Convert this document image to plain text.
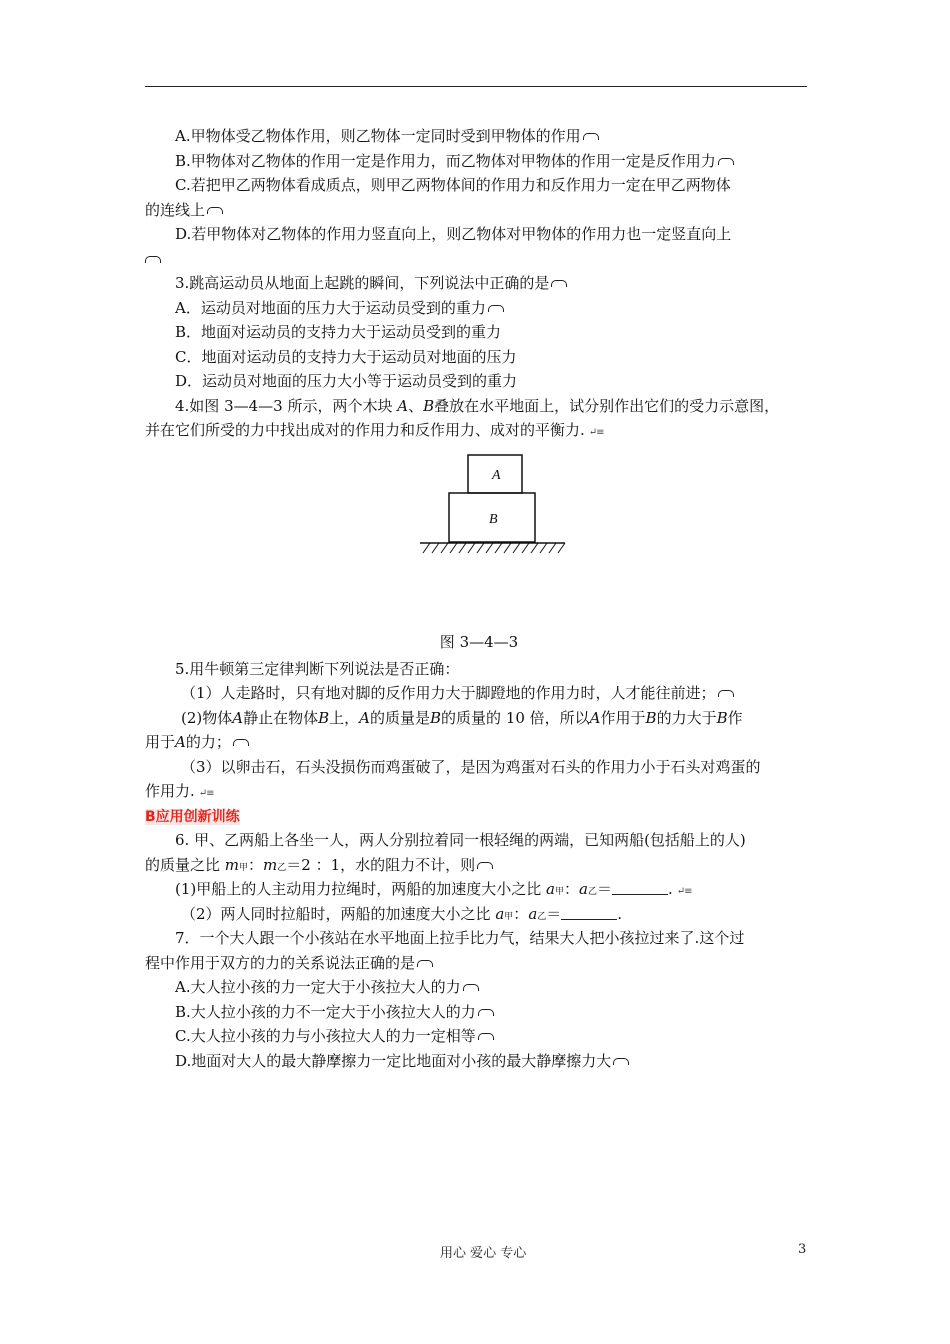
A.甲物体受乙物体作用，则乙物体一定同时受到甲物体的作用
B.甲物体对乙物体的作用一定是作用力，而乙物体对甲物体的作用一定是反作用力
C.若把甲乙两物体看成质点，则甲乙两物体间的作用力和反作用力一定在甲乙两物体
的连线上
D.若甲物体对乙物体的作用力竖直向上，则乙物体对甲物体的作用力也一定竖直向上
3.跳高运动员从地面上起跳的瞬间，下列说法中正确的是
A．运动员对地面的压力大于运动员受到的重力
B．地面对运动员的支持力大于运动员受到的重力
C．地面对运动员的支持力大于运动员对地面的压力
D．运动员对地面的压力大小等于运动员受到的重力
4.如图 3—4—3 所示，两个木块 A、B叠放在水平地面上，试分别作出它们的受力示意图，
并在它们所受的力中找出成对的作用力和反作用力、成对的平衡力. ↵≡
A
B
图 3—4—3
5.用牛顿第三定律判断下列说法是否正确：
（1）人走路时，只有地对脚的反作用力大于脚蹬地的作用力时，人才能往前进；
(2)物体A静止在物体B上，A的质量是B的质量的 10 倍，所以A作用于B的力大于B作
用于A的力；
（3）以卵击石，石头没损伤而鸡蛋破了，是因为鸡蛋对石头的作用力小于石头对鸡蛋的
作用力. ↵≡
B应用创新训练
6. 甲、乙两船上各坐一人，两人分别拉着同一根轻绳的两端，已知两船(包括船上的人)
的质量之比 m甲：m乙＝2 ：1，水的阻力不计，则
(1)甲船上的人主动用力拉绳时，两船的加速度大小之比 a甲：a乙＝	. ↵≡
（2）两人同时拉船时，两船的加速度大小之比 a甲：a乙＝	.
7．一个大人跟一个小孩站在水平地面上拉手比力气，结果大人把小孩拉过来了.这个过
程中作用于双方的力的关系说法正确的是
A.大人拉小孩的力一定大于小孩拉大人的力
B.大人拉小孩的力不一定大于小孩拉大人的力
C.大人拉小孩的力与小孩拉大人的力一定相等
D.地面对大人的最大静摩擦力一定比地面对小孩的最大静摩擦力大
用心 爱心 专心	3
